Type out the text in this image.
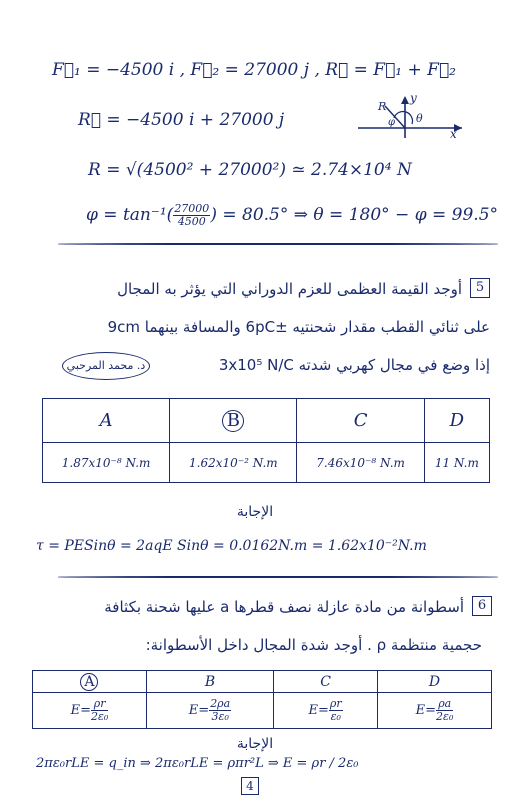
F⃗₁ = −4500 i , F⃗₂ = 27000 j , R⃗ = F⃗₁ + F⃗₂
R⃗ = −4500 i + 27000 j
y
x
R
θ
φ
R = √(4500² + 27000²) ≃ 2.74×10⁴ N
$\varphi = \tan^{-1}( \frac{27000}{4500}$ ) = 80.5° ⇒ θ = 180° − φ = 99.5°
5
أوجد القيمة العظمى للعزم الدوراني التي يؤثر به المجال
على ثنائي القطب مقدار شحنتيه ±6pC والمسافة بينهما 9cm
إذا وضع في مجال كهربي شدته 3x10⁵ N/C
د. محمد المرحبي
A	B	C	D
1.87x10⁻⁸ N.m	1.62x10⁻² N.m	7.46x10⁻⁸ N.m	11 N.m
الإجابة
τ = PESinθ = 2aqE Sinθ = 0.0162N.m = 1.62x10⁻²N.m
6
أسطوانة من مادة عازلة نصف قطرها a عليها شحنة بكثافة
حجمية منتظمة ρ . أوجد شدة المجال داخل الأسطوانة:
A	B	C	D
$E= \frac{\rho r}{\text{2ε₀}}$	$E= \frac{2\rho a}{\text{3ε₀}}$	$E= \frac{\rho r}{\text{ε₀}}$	$E= \frac{\rho a}{\text{2ε₀}}$
الإجابة
2πε₀rLE = q_in ⇒ 2πε₀rLE = ρπr²L ⇒ E = ρr / 2ε₀
4
